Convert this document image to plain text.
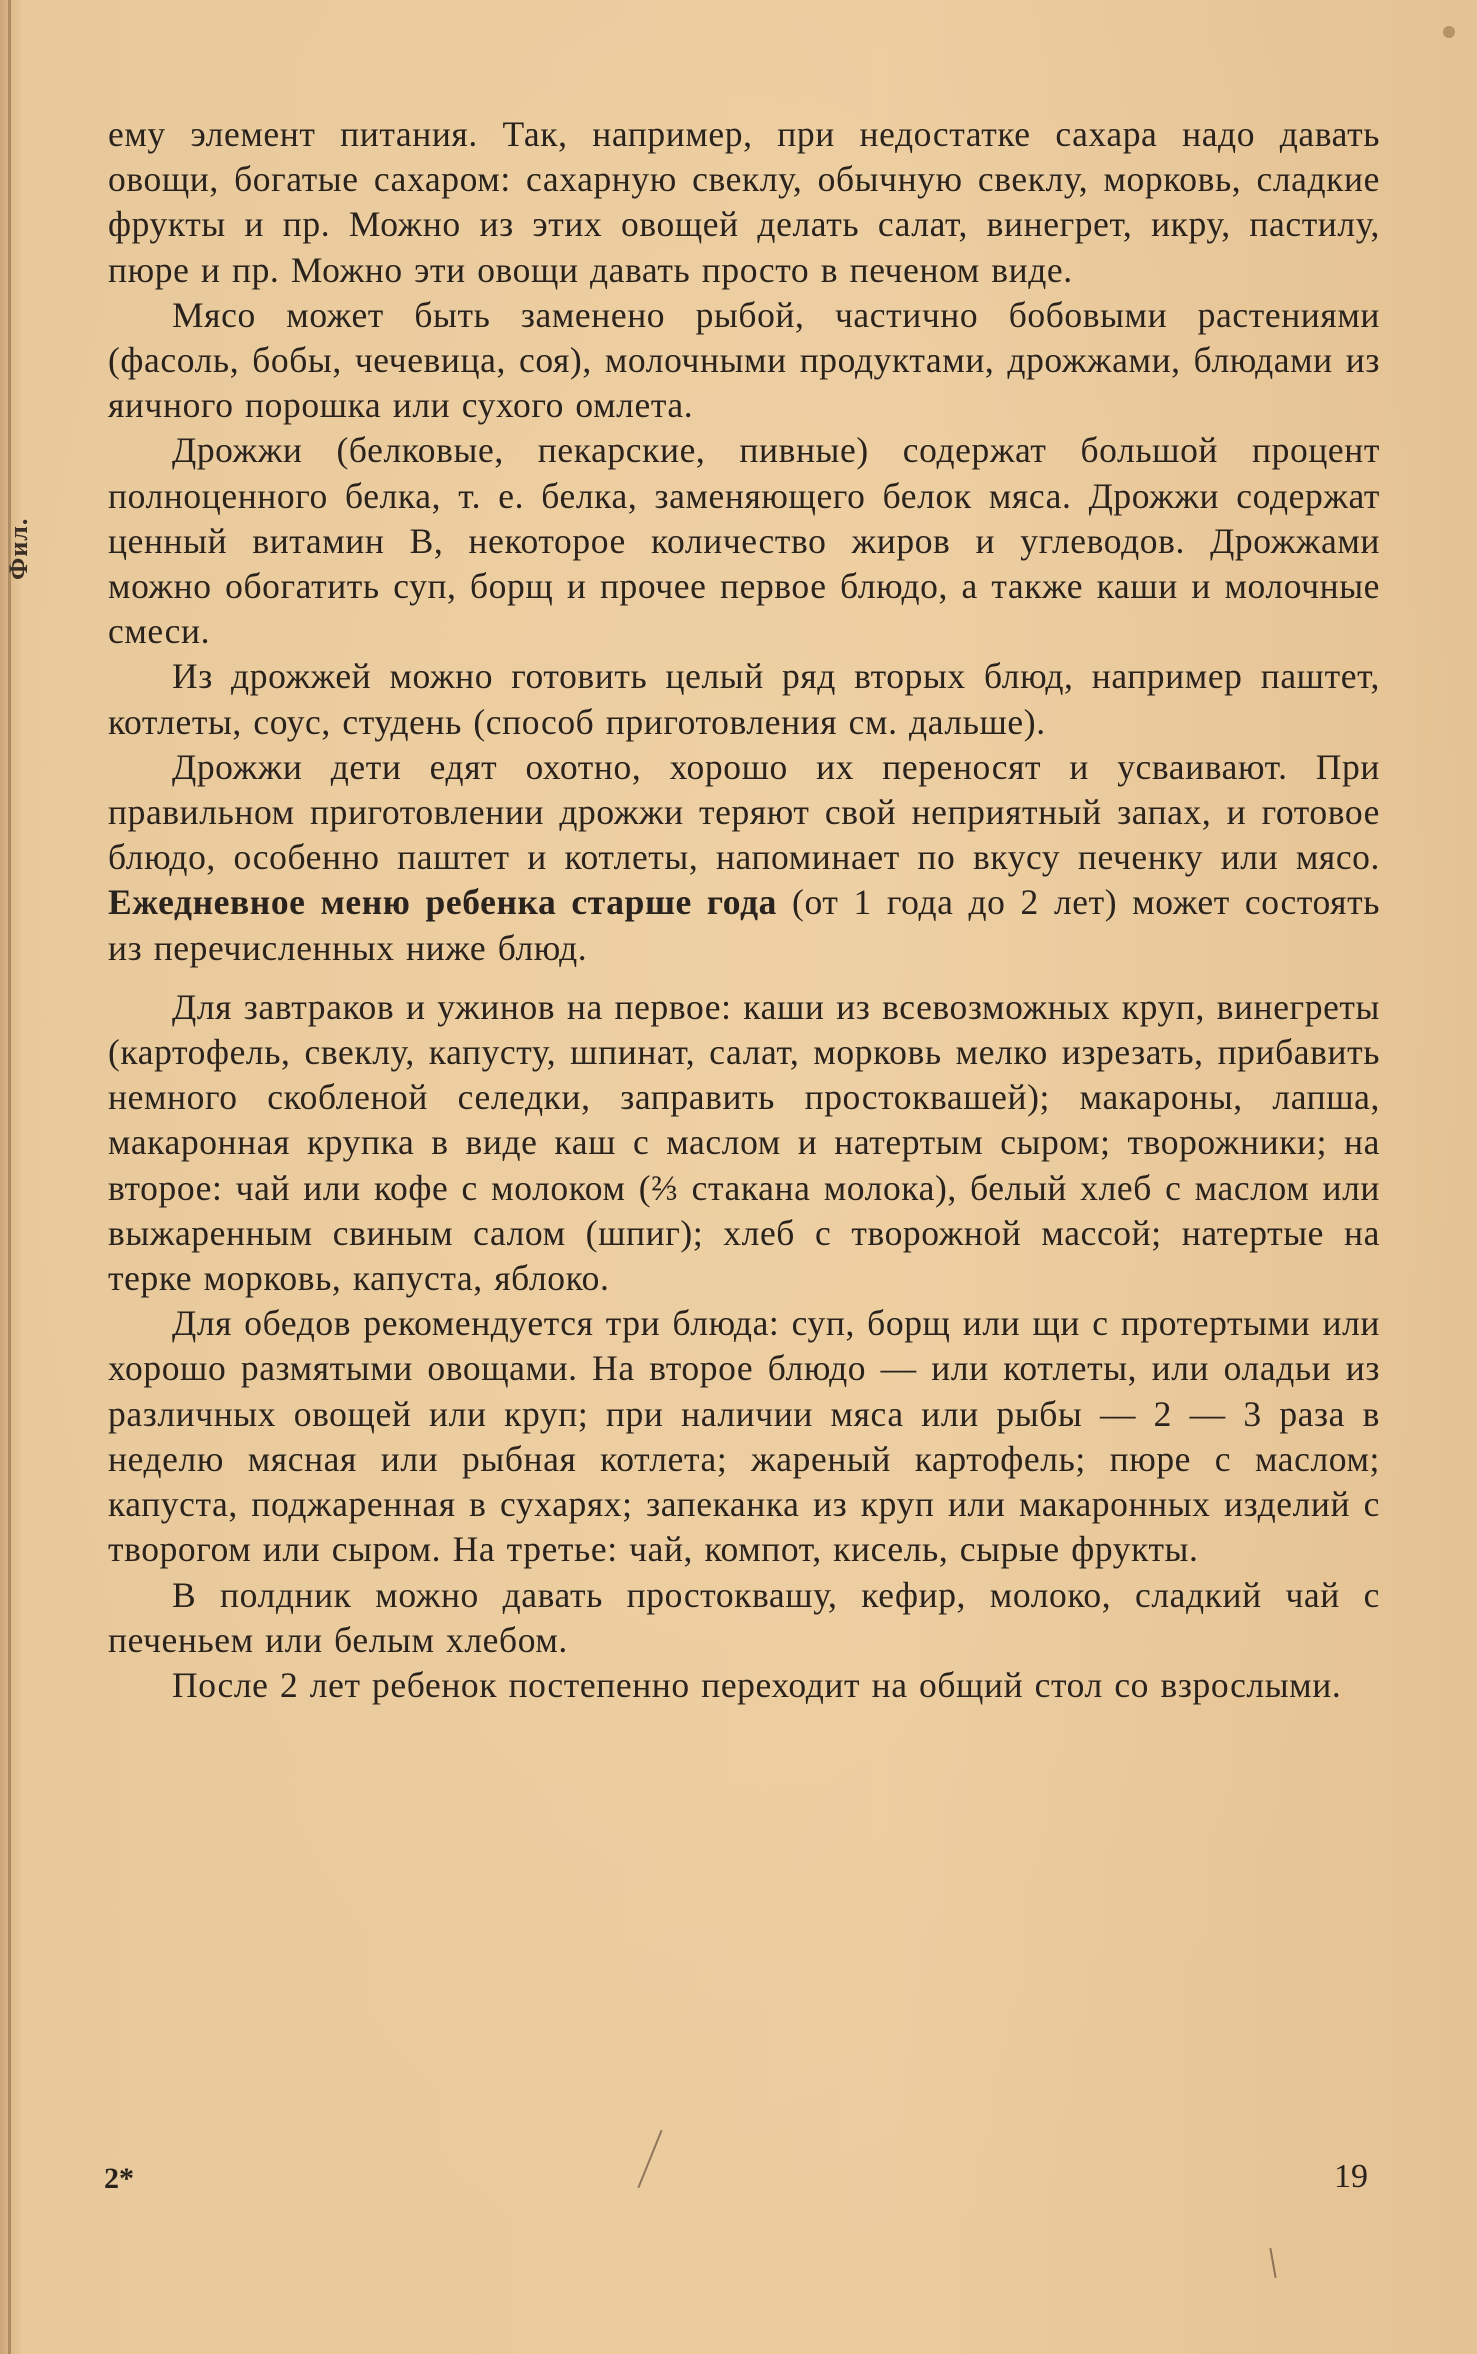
Фил.

ему элемент питания. Так, например, при недостатке сахара надо давать овощи, богатые сахаром: сахарную свеклу, обычную свеклу, морковь, сладкие фрукты и пр. Можно из этих овощей делать салат, винегрет, икру, пастилу, пюре и пр. Можно эти овощи давать просто в печеном виде.

Мясо может быть заменено рыбой, частично бобовыми растениями (фасоль, бобы, чечевица, соя), молочными продуктами, дрожжами, блюдами из яичного порошка или сухого омлета.

Дрожжи (белковые, пекарские, пивные) содержат большой процент полноценного белка, т. е. белка, заменяющего белок мяса. Дрожжи содержат ценный витамин В, некоторое количество жиров и углеводов. Дрожжами можно обогатить суп, борщ и прочее первое блюдо, а также каши и молочные смеси.

Из дрожжей можно готовить целый ряд вторых блюд, например паштет, котлеты, соус, студень (способ приготовления см. дальше).

Дрожжи дети едят охотно, хорошо их переносят и усваивают. При правильном приготовлении дрожжи теряют свой неприятный запах, и готовое блюдо, особенно паштет и котлеты, напоминает по вкусу печенку или мясо. Ежедневное меню ребенка старше года (от 1 года до 2 лет) может состоять из перечисленных ниже блюд.

Для завтраков и ужинов на первое: каши из всевозможных круп, винегреты (картофель, свеклу, капусту, шпинат, салат, морковь мелко изрезать, прибавить немного скобленой селедки, заправить простоквашей); макароны, лапша, макаронная крупка в виде каш с маслом и натертым сыром; творожники; на второе: чай или кофе с молоком (⅔ стакана молока), белый хлеб с маслом или выжаренным свиным салом (шпиг); хлеб с творожной массой; натертые на терке морковь, капуста, яблоко.

Для обедов рекомендуется три блюда: суп, борщ или щи с протертыми или хорошо размятыми овощами. На второе блюдо — или котлеты, или оладьи из различных овощей или круп; при наличии мяса или рыбы — 2 — 3 раза в неделю мясная или рыбная котлета; жареный картофель; пюре с маслом; капуста, поджаренная в сухарях; запеканка из круп или макаронных изделий с творогом или сыром. На третье: чай, компот, кисель, сырые фрукты.

В полдник можно давать простоквашу, кефир, молоко, сладкий чай с печеньем или белым хлебом.

После 2 лет ребенок постепенно переходит на общий стол со взрослыми.

2*	19
